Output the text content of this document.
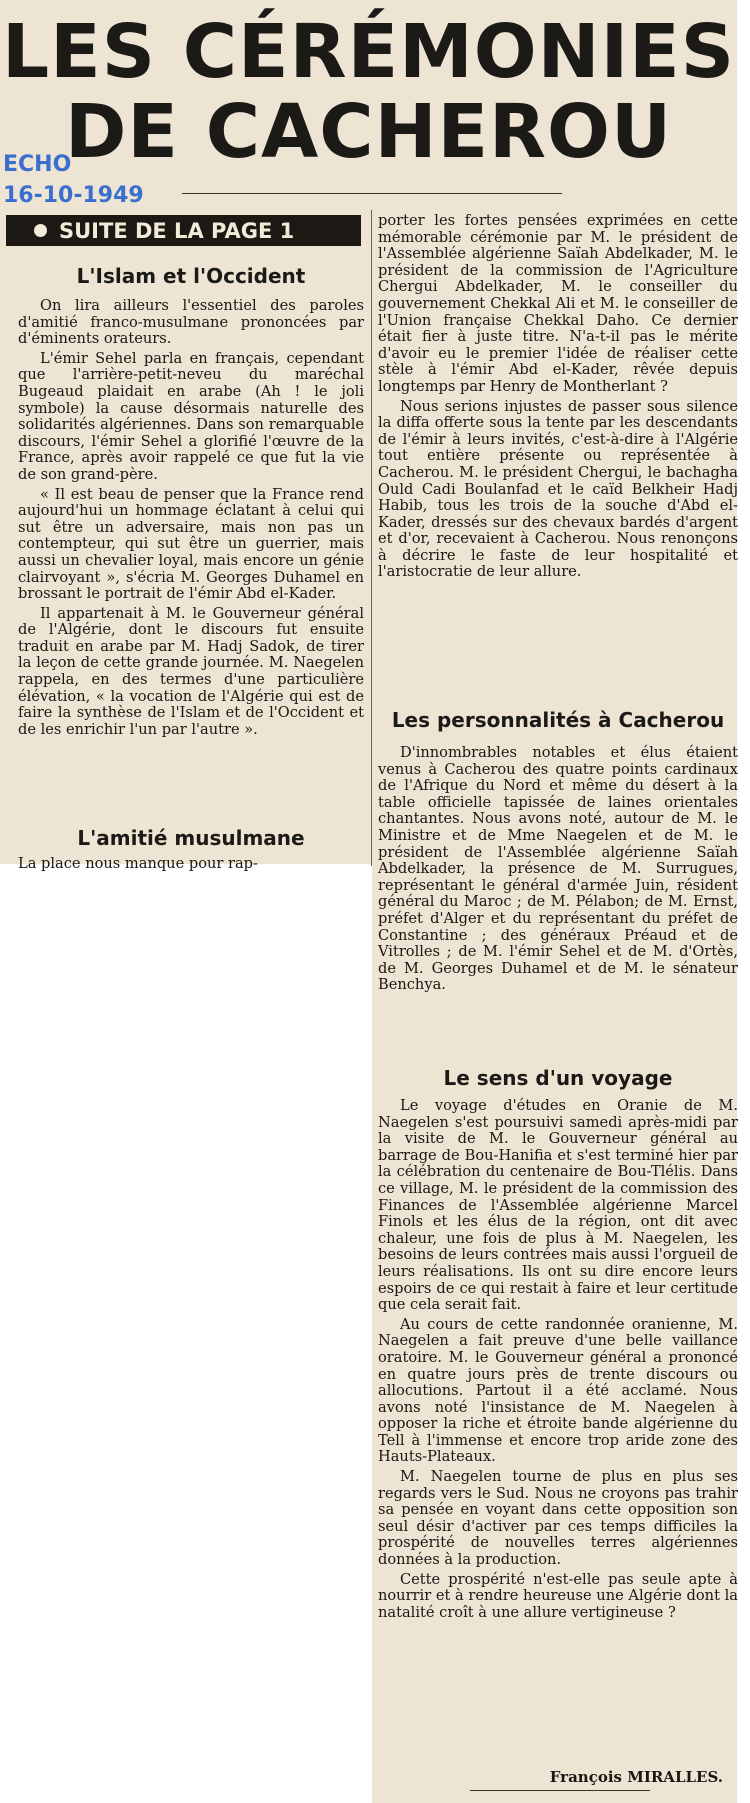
LES CÉRÉMONIES
DE CACHEROU
ECHO
16-10-1949
SUITE DE LA PAGE 1
L'Islam et l'Occident

On lira ailleurs l'essentiel des paroles d'amitié franco-musulmane prononcées par d'éminents orateurs.

L'émir Sehel parla en français, cependant que l'arrière-petit-neveu du maréchal Bugeaud plaidait en arabe (Ah ! le joli symbole) la cause désormais naturelle des solidarités algériennes. Dans son remarquable discours, l'émir Sehel a glorifié l'œuvre de la France, après avoir rappelé ce que fut la vie de son grand-père.

« Il est beau de penser que la France rend aujourd'hui un hommage éclatant à celui qui sut être un adversaire, mais non pas un contempteur, qui sut être un guerrier, mais aussi un chevalier loyal, mais encore un génie clairvoyant », s'écria M. Georges Duhamel en brossant le portrait de l'émir Abd el-Kader.

Il appartenait à M. le Gouverneur général de l'Algérie, dont le discours fut ensuite traduit en arabe par M. Hadj Sadok, de tirer la leçon de cette grande journée. M. Naegelen rappela, en des termes d'une particulière élévation, « la vocation de l'Algérie qui est de faire la synthèse de l'Islam et de l'Occident et de les enrichir l'un par l'autre ».

L'amitié musulmane
La place nous manque pour rap-

porter les fortes pensées exprimées en cette mémorable cérémonie par M. le président de l'Assemblée algérienne Saïah Abdelkader, M. le président de la commission de l'Agriculture Chergui Abdelkader, M. le conseiller du gouvernement Chekkal Ali et M. le conseiller de l'Union française Chekkal Daho. Ce dernier était fier à juste titre. N'a-t-il pas le mérite d'avoir eu le premier l'idée de réaliser cette stèle à l'émir Abd el-Kader, rêvée depuis longtemps par Henry de Montherlant ?

Nous serions injustes de passer sous silence la diffa offerte sous la tente par les descendants de l'émir à leurs invités, c'est-à-dire à l'Algérie tout entière présente ou représentée à Cacherou. M. le président Chergui, le bachagha Ould Cadi Boulanfad et le caïd Belkheir Hadj Habib, tous les trois de la souche d'Abd el-Kader, dressés sur des chevaux bardés d'argent et d'or, recevaient à Cacherou. Nous renonçons à décrire le faste de leur hospitalité et l'aristocratie de leur allure.

Les personnalités à Cacherou

D'innombrables notables et élus étaient venus à Cacherou des quatre points cardinaux de l'Afrique du Nord et même du désert à la table officielle tapissée de laines orientales chantantes. Nous avons noté, autour de M. le Ministre et de Mme Naegelen et de M. le président de l'Assemblée algérienne Saïah Abdelkader, la présence de M. Surrugues, représentant le général d'armée Juin, résident général du Maroc ; de M. Pélabon; de M. Ernst, préfet d'Alger et du représentant du préfet de Constantine ; des généraux Préaud et de Vitrolles ; de M. l'émir Sehel et de M. d'Ortès, de M. Georges Duhamel et de M. le sénateur Benchya.

Le sens d'un voyage

Le voyage d'études en Oranie de M. Naegelen s'est poursuivi samedi après-midi par la visite de M. le Gouverneur général au barrage de Bou-Hanifia et s'est terminé hier par la célébration du centenaire de Bou-Tlélis. Dans ce village, M. le président de la commission des Finances de l'Assemblée algérienne Marcel Finols et les élus de la région, ont dit avec chaleur, une fois de plus à M. Naegelen, les besoins de leurs contrées mais aussi l'orgueil de leurs réalisations. Ils ont su dire encore leurs espoirs de ce qui restait à faire et leur certitude que cela serait fait.

Au cours de cette randonnée oranienne, M. Naegelen a fait preuve d'une belle vaillance oratoire. M. le Gouverneur général a prononcé en quatre jours près de trente discours ou allocutions. Partout il a été acclamé. Nous avons noté l'insistance de M. Naegelen à opposer la riche et étroite bande algérienne du Tell à l'immense et encore trop aride zone des Hauts-Plateaux.

M. Naegelen tourne de plus en plus ses regards vers le Sud. Nous ne croyons pas trahir sa pensée en voyant dans cette opposition son seul désir d'activer par ces temps difficiles la prospérité de nouvelles terres algériennes données à la production.

Cette prospérité n'est-elle pas seule apte à nourrir et à rendre heureuse une Algérie dont la natalité croît à une allure vertigineuse ?

François MIRALLES.
